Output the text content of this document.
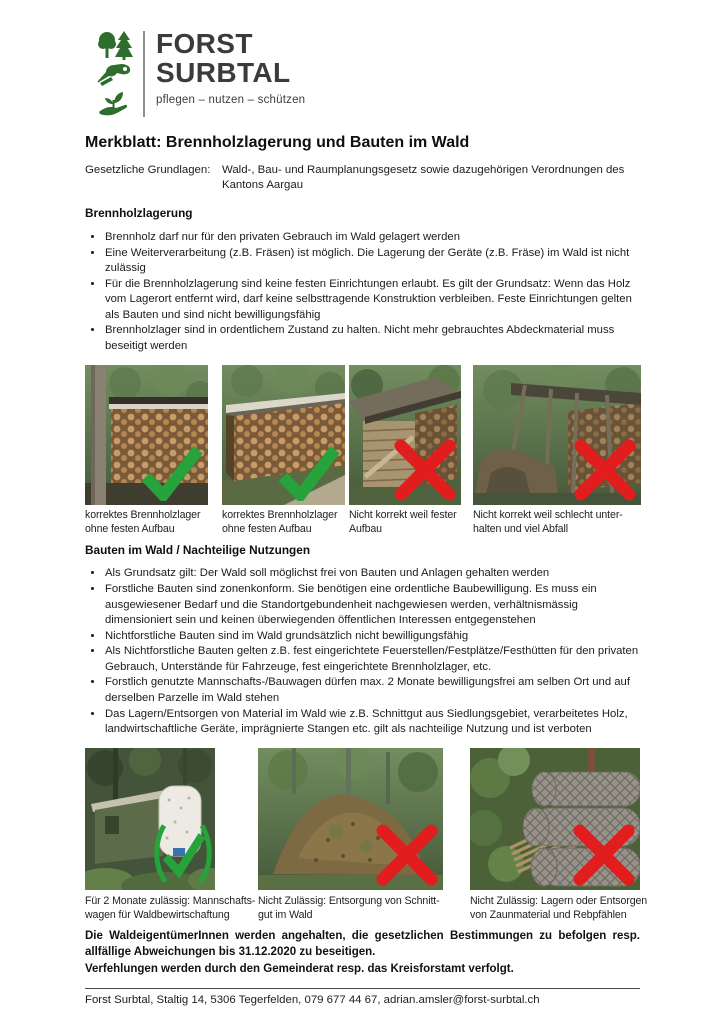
FORST
SURBTAL
pflegen – nutzen – schützen
Merkblatt: Brennholzlagerung und Bauten im Wald
Gesetzliche Grundlagen:	Wald-, Bau- und Raumplanungsgesetz sowie dazugehörigen Verordnungen des Kantons Aargau
Brennholzlagerung
• Brennholz darf nur für den privaten Gebrauch im Wald gelagert werden
• Eine Weiterverarbeitung (z.B. Fräsen) ist möglich. Die Lagerung der Geräte (z.B. Fräse) im Wald ist nicht zulässig
• Für die Brennholzlagerung sind keine festen Einrichtungen erlaubt. Es gilt der Grundsatz: Wenn das Holz vom Lagerort entfernt wird, darf keine selbsttragende Konstruktion verbleiben. Feste Einrichtungen gelten als Bauten und sind nicht bewilligungsfähig
• Brennholzlager sind in ordentlichem Zustand zu halten. Nicht mehr gebrauchtes Abdeckmaterial muss beseitigt werden
korrektes Brennholzlager ohne festen Aufbau
korrektes Brennholzlager ohne festen Aufbau
Nicht korrekt weil fester Aufbau
Nicht korrekt weil schlecht unter-halten und viel Abfall
Bauten im Wald / Nachteilige Nutzungen
• Als Grundsatz gilt: Der Wald soll möglichst frei von Bauten und Anlagen gehalten werden
• Forstliche Bauten sind zonenkonform. Sie benötigen eine ordentliche Baubewilligung. Es muss ein ausgewiesener Bedarf und die Standortgebundenheit nachgewiesen werden, verhältnismässig dimensioniert sein und keinen überwiegenden öffentlichen Interessen entgegenstehen
• Nichtforstliche Bauten sind im Wald grundsätzlich nicht bewilligungsfähig
• Als Nichtforstliche Bauten gelten z.B. fest eingerichtete Feuerstellen/Festplätze/Festhütten für den privaten Gebrauch, Unterstände für Fahrzeuge, fest eingerichtete Brennholzlager, etc.
• Forstlich genutzte Mannschafts-/Bauwagen dürfen max. 2 Monate bewilligungsfrei am selben Ort und auf derselben Parzelle im Wald stehen
• Das Lagern/Entsorgen von Material im Wald wie z.B. Schnittgut aus Siedlungsgebiet, verarbeitetes Holz, landwirtschaftliche Geräte, imprägnierte Stangen etc. gilt als nachteilige Nutzung und ist verboten
Für 2 Monate zulässig: Mannschafts-wagen für Waldbewirtschaftung
Nicht Zulässig: Entsorgung von Schnitt-gut im Wald
Nicht Zulässig: Lagern oder Entsorgen von Zaunmaterial und Rebpfählen

Die WaldeigentümerInnen werden angehalten, die gesetzlichen Bestimmungen zu befolgen resp. allfällige Abweichungen bis 31.12.2020 zu beseitigen.

Verfehlungen werden durch den Gemeinderat resp. das Kreisforstamt verfolgt.

Forst Surbtal, Staltig 14, 5306 Tegerfelden, 079 677 44 67, adrian.amsler@forst-surbtal.ch
